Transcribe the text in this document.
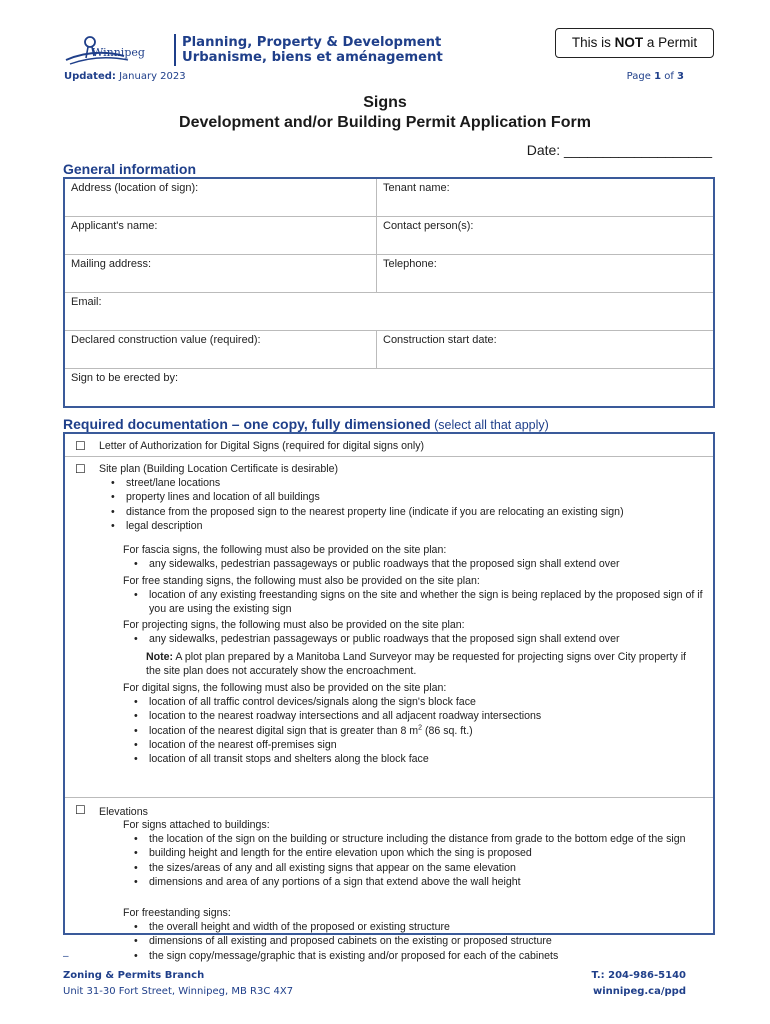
Winnipeg
Planning, Property & Development
Urbanisme, biens et aménagement
This is NOT a Permit
Updated: January 2023	Page 1 of 3
Signs
Development and/or Building Permit Application Form
Date: ___________________
General information
Address (location of sign):	Tenant name:
Applicant's name:	Contact person(s):
Mailing address:	Telephone:
Email:
Declared construction value (required):	Construction start date:
Sign to be erected by:
Required documentation – one copy, fully dimensioned (select all that apply)
☐ Letter of Authorization for Digital Signs (required for digital signs only)
☐ Site plan (Building Location Certificate is desirable)
• street/lane locations
• property lines and location of all buildings
• distance from the proposed sign to the nearest property line (indicate if you are relocating an existing sign)
• legal description
For fascia signs, the following must also be provided on the site plan:
• any sidewalks, pedestrian passageways or public roadways that the proposed sign shall extend over
For free standing signs, the following must also be provided on the site plan:
• location of any existing freestanding signs on the site and whether the sign is being replaced by the proposed sign of if you are using the existing sign
For projecting signs, the following must also be provided on the site plan:
• any sidewalks, pedestrian passageways or public roadways that the proposed sign shall extend over
Note: A plot plan prepared by a Manitoba Land Surveyor may be requested for projecting signs over City property if the site plan does not accurately show the encroachment.
For digital signs, the following must also be provided on the site plan:
• location of all traffic control devices/signals along the sign's block face
• location to the nearest roadway intersections and all adjacent roadway intersections
• location of the nearest digital sign that is greater than 8 $m^2$ (86 sq. ft.)
• location of the nearest off-premises sign
• location of all transit stops and shelters along the block face
☐ Elevations
For signs attached to buildings:
• the location of the sign on the building or structure including the distance from grade to the bottom edge of the sign
• building height and length for the entire elevation upon which the sing is proposed
• the sizes/areas of any and all existing signs that appear on the same elevation
• dimensions and area of any portions of a sign that extend above the wall height
For freestanding signs:
• the overall height and width of the proposed or existing structure
• dimensions of all existing and proposed cabinets on the existing or proposed structure
• the sign copy/message/graphic that is existing and/or proposed for each of the cabinets
–
Zoning & Permits Branch
Unit 31-30 Fort Street, Winnipeg, MB R3C 4X7
T.: 204-986-5140
winnipeg.ca/ppd
